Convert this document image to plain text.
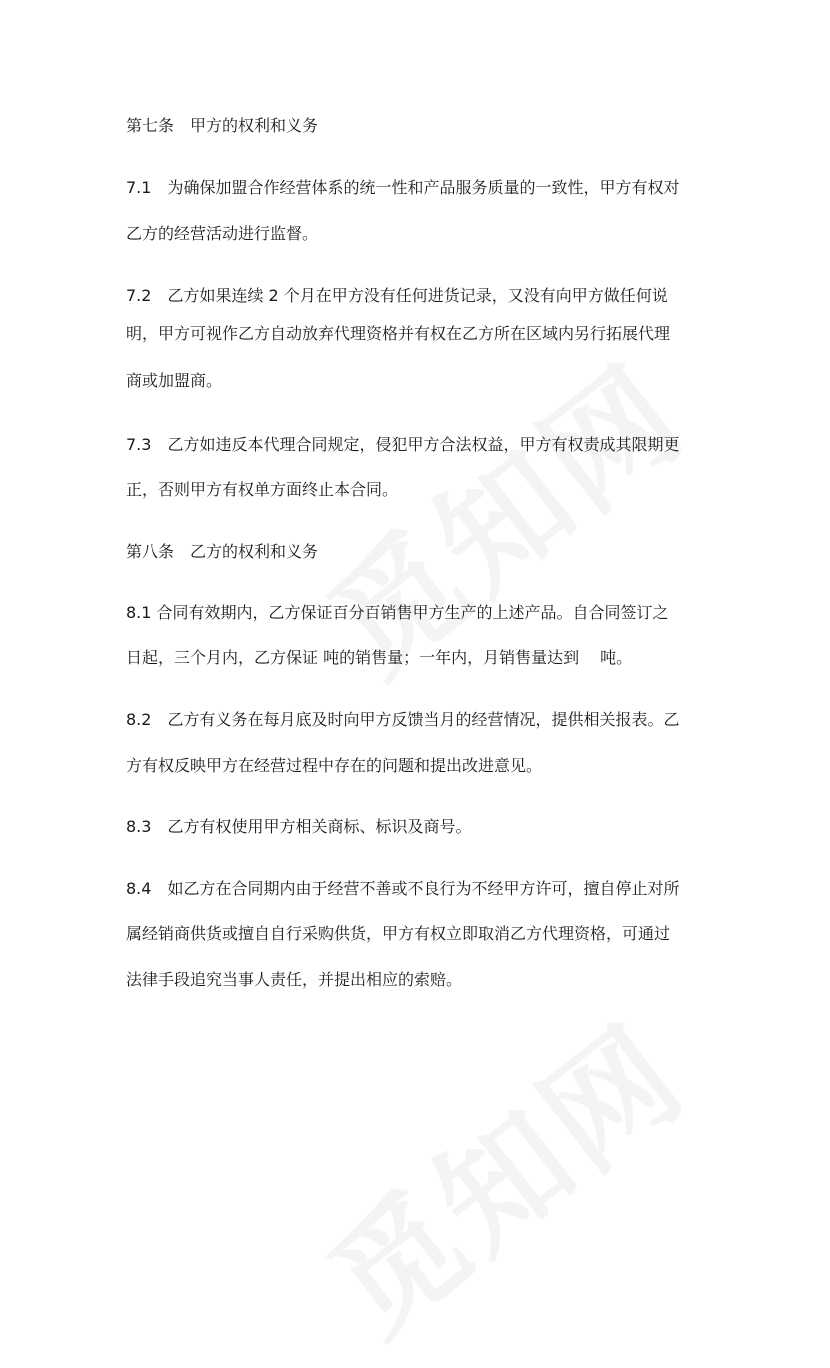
第七条　甲方的权利和义务
7.1　为确保加盟合作经营体系的统一性和产品服务质量的一致性，甲方有权对
乙方的经营活动进行监督。
7.2　乙方如果连续 2 个月在甲方没有任何进货记录，又没有向甲方做任何说
明，甲方可视作乙方自动放弃代理资格并有权在乙方所在区域内另行拓展代理
商或加盟商。
7.3　乙方如违反本代理合同规定，侵犯甲方合法权益，甲方有权责成其限期更
正，否则甲方有权单方面终止本合同。
第八条　乙方的权利和义务
8.1 合同有效期内，乙方保证百分百销售甲方生产的上述产品。自合同签订之
日起，三个月内，乙方保证 吨的销售量；一年内，月销售量达到　 吨。
8.2　乙方有义务在每月底及时向甲方反馈当月的经营情况，提供相关报表。乙
方有权反映甲方在经营过程中存在的问题和提出改进意见。
8.3　乙方有权使用甲方相关商标、标识及商号。
8.4　如乙方在合同期内由于经营不善或不良行为不经甲方许可，擅自停止对所
属经销商供货或擅自自行采购供货，甲方有权立即取消乙方代理资格，可通过
法律手段追究当事人责任，并提出相应的索赔。
